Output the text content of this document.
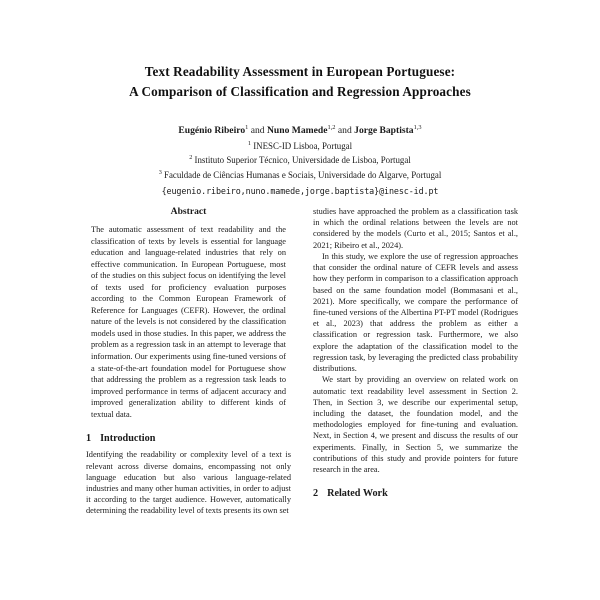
Text Readability Assessment in European Portuguese:
A Comparison of Classification and Regression Approaches
Eugénio Ribeiro$^1$ and Nuno Mamede$^{1,2}$ and Jorge Baptista$^{1,3}$
$^1$ INESC-ID Lisboa, Portugal
$^2$ Instituto Superior Técnico, Universidade de Lisboa, Portugal
$^3$ Faculdade de Ciências Humanas e Sociais, Universidade do Algarve, Portugal
{eugenio.ribeiro,nuno.mamede,jorge.baptista}@inesc-id.pt
Abstract
The automatic assessment of text readability and the classification of texts by levels is essential for language education and language-related industries that rely on effective communication. In European Portuguese, most of the studies on this subject focus on identifying the level of texts used for proficiency evaluation purposes according to the Common European Framework of Reference for Languages (CEFR). However, the ordinal nature of the levels is not considered by the classification models used in those studies. In this paper, we address the problem as a regression task in an attempt to leverage that information. Our experiments using fine-tuned versions of a state-of-the-art foundation model for Portuguese show that addressing the problem as a regression task leads to improved performance in terms of adjacent accuracy and improved generalization ability to different kinds of textual data.
1 Introduction
Identifying the readability or complexity level of a text is relevant across diverse domains, encompassing not only language education but also various language-related industries and many other human activities, in order to adjust it according to the target audience. However, automatically determining the readability level of texts presents its own set
studies have approached the problem as a classification task in which the ordinal relations between the levels are not considered by the models (Curto et al., 2015; Santos et al., 2021; Ribeiro et al., 2024).
In this study, we explore the use of regression approaches that consider the ordinal nature of CEFR levels and assess how they perform in comparison to a classification approach based on the same foundation model (Bommasani et al., 2021). More specifically, we compare the performance of fine-tuned versions of the Albertina PT-PT model (Rodrigues et al., 2023) that address the problem as either a classification or regression task. Furthermore, we also explore the adaptation of the classification model to the regression task, by leveraging the predicted class probability distributions.
We start by providing an overview on related work on automatic text readability level assessment in Section 2. Then, in Section 3, we describe our experimental setup, including the dataset, the foundation model, and the methodologies employed for fine-tuning and evaluation. Next, in Section 4, we present and discuss the results of our experiments. Finally, in Section 5, we summarize the contributions of this study and provide pointers for future research in the area.
2 Related Work
